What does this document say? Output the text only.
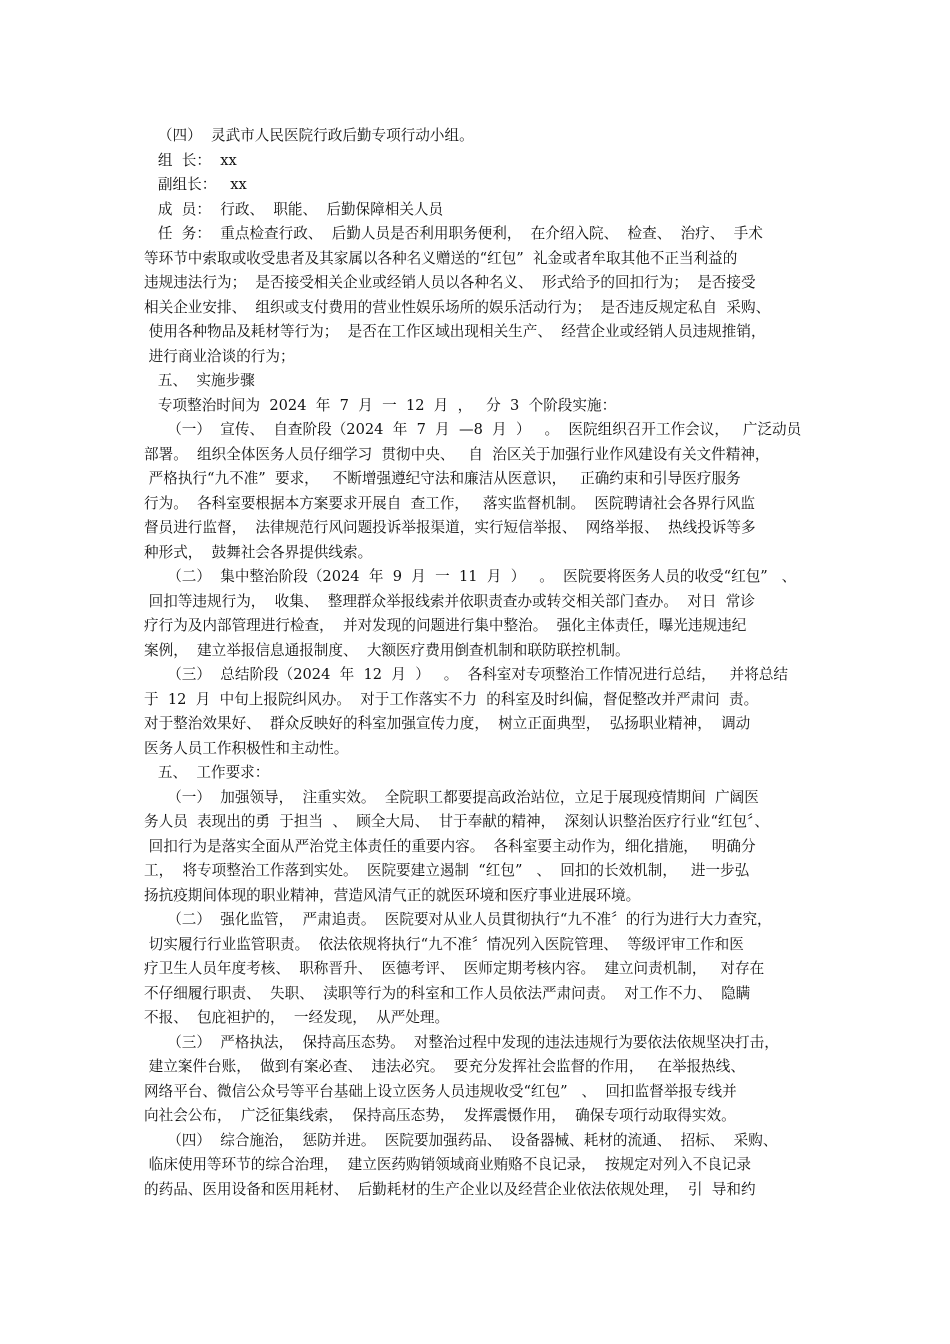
（四）  灵武市人民医院行政后勤专项行动小组。
组  长：  xx
副组长：   xx
成  员：  行政、  职能、  后勤保障相关人员
任  务：  重点检查行政、  后勤人员是否利用职务便利，  在介绍入院、  检查、  治疗、  手术
等环节中索取或收受患者及其家属以各种名义赠送的“红包”  礼金或者牟取其他不正当利益的
违规违法行为；  是否接受相关企业或经销人员以各种名义、  形式给予的回扣行为；  是否接受
相关企业安排、  组织或支付费用的营业性娱乐场所的娱乐活动行为；  是否违反规定私自  采购、
使用各种物品及耗材等行为；  是否在工作区域出现相关生产、  经营企业或经销人员违规推销，
进行商业洽谈的行为；
五、  实施步骤
专项整治时间为  2024  年  7  月  一  12  月  ，   分  3  个阶段实施：
（一）  宣传、  自查阶段（2024  年  7  月  —8  月  ）   。  医院组织召开工作会议，   广泛动员
部署。  组织全体医务人员仔细学习  贯彻中央、   自  治区关于加强行业作风建设有关文件精神，
严格执行“九不准”  要求，   不断增强遵纪守法和廉洁从医意识，   正确约束和引导医疗服务
行为。  各科室要根据本方案要求开展自  查工作，   落实监督机制。  医院聘请社会各界行风监
督员进行监督，  法律规范行风问题投诉举报渠道，实行短信举报、  网络举报、  热线投诉等多
种形式，  鼓舞社会各界提供线索。
（二）  集中整治阶段（2024  年  9  月  一  11  月  ）   。  医院要将医务人员的收受“红包”   、
回扣等违规行为，  收集、  整理群众举报线索并依职责查办或转交相关部门查办。  对日  常诊
疗行为及内部管理进行检查，  并对发现的问题进行集中整治。  强化主体责任，曝光违规违纪
案例，  建立举报信息通报制度、  大额医疗费用倒查机制和联防联控机制。
（三）  总结阶段（2024  年  12  月  ）   。  各科室对专项整治工作情况进行总结，   并将总结
于  12  月  中旬上报院纠风办。  对于工作落实不力  的科室及时纠偏，督促整改并严肃问  责。
对于整治效果好、  群众反映好的科室加强宣传力度，  树立正面典型，  弘扬职业精神，  调动
医务人员工作积极性和主动性。
五、  工作要求：
（一）  加强领导，  注重实效。  全院职工都要提高政治站位，立足于展现疫情期间  广阔医
务人员  表现出的勇  于担当  、  顾全大局、  甘于奉献的精神，  深刻认识整治医疗行业“红包〞、
回扣行为是落实全面从严治党主体责任的重要内容。  各科室要主动作为，细化措施，   明确分
工，  将专项整治工作落到实处。  医院要建立遏制  “红包”   、  回扣的长效机制，   进一步弘
扬抗疫期间体现的职业精神，营造风清气正的就医环境和医疗事业进展环境。
（二）  强化监管，  严肃追责。  医院要对从业人员貫彻执行“九不准〞的行为进行大力查究，
切实履行行业监管职责。  依法依规将执行“九不准〞情况列入医院管理、  等级评审工作和医
疗卫生人员年度考核、  职称晋升、  医德考评、  医师定期考核内容。  建立问责机制，   对存在
不仔细履行职责、  失职、  渎职等行为的科室和工作人员依法严肃问责。  对工作不力、  隐瞒
不报、  包庇袒护的，  一经发现，  从严处理。
（三）  严格执法，  保持高压态势。  对整治过程中发现的违法违规行为要依法依规坚决打击，
建立案件台账，  做到有案必查、  违法必究。  要充分发挥社会监督的作用，   在举报热线、
网络平台、微信公众号等平台基础上设立医务人员违规收受“红包”   、  回扣监督举报专线并
向社会公布，  广泛征集线索，  保持高压态势，  发挥震慑作用，  确保专项行动取得实效。
（四）  综合施治，  惩防并进。  医院要加强药品、  设备器械、耗材的流通、  招标、  采购、
临床使用等环节的综合治理，  建立医药购销领域商业贿赂不良记录，  按规定对列入不良记录
的药品、医用设备和医用耗材、  后勤耗材的生产企业以及经营企业依法依规处理，  引  导和约
